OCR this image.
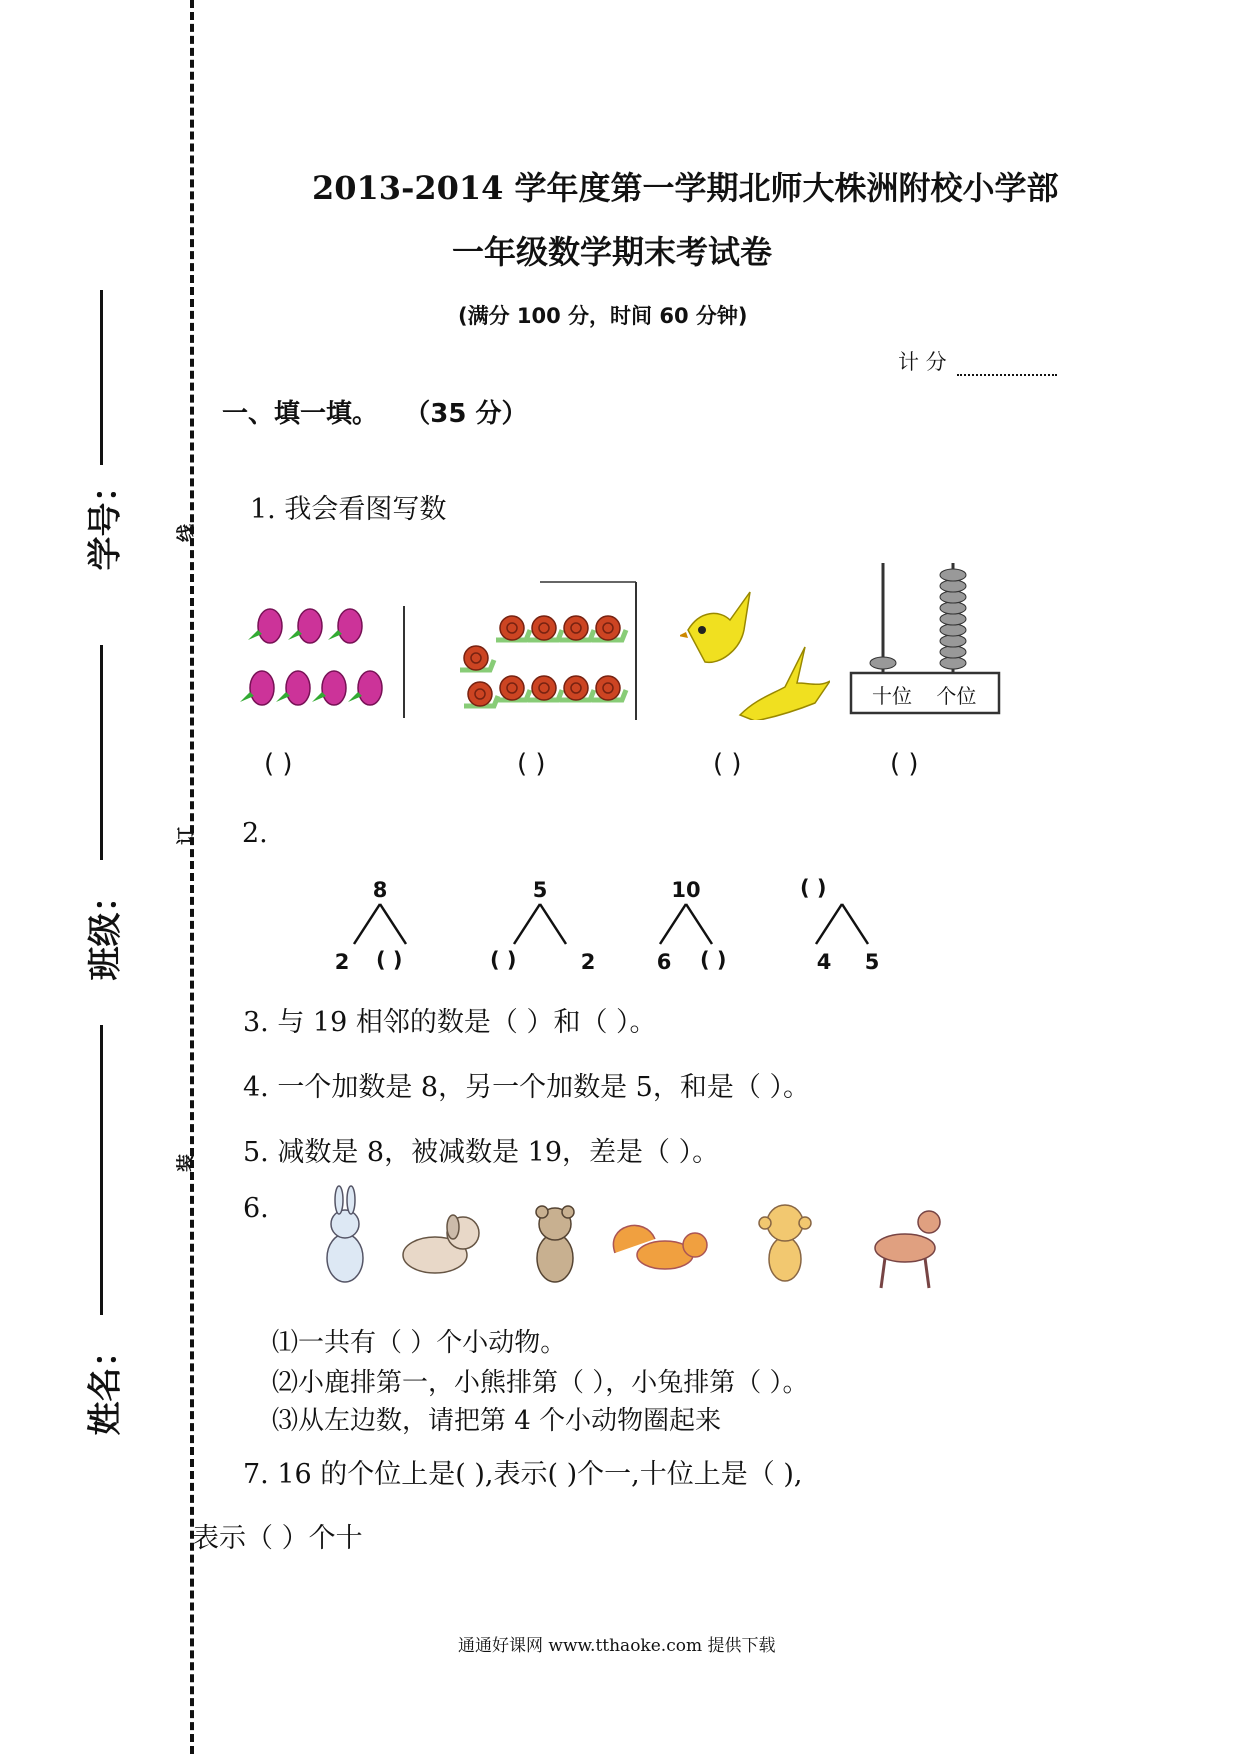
学号：
班级：
姓名：
线
订
装
2013-2014 学年度第一学期北师大株洲附校小学部
一年级数学期末考试卷
(满分 100 分，时间 60 分钟)
计 分
一、填一填。 （35 分）
1. 我会看图写数
十位 个位
( )	( )	( )	( )
2.
8
2 ( )
5
( )	2
10
6 ( )
( )
4 5
3. 与 19 相邻的数是（ ）和（ ）。
4. 一个加数是 8，另一个加数是 5，和是（ ）。
5. 减数是 8，被减数是 19，差是（ ）。
6.
⑴一共有（ ）个小动物。
⑵小鹿排第一，小熊排第（ ），小兔排第（ ）。
⑶从左边数，请把第 4 个小动物圈起来
7. 16 的个位上是( ),表示( )个一,十位上是（ ),
表示（ ）个十
通通好课网 www.tthaoke.com 提供下载
